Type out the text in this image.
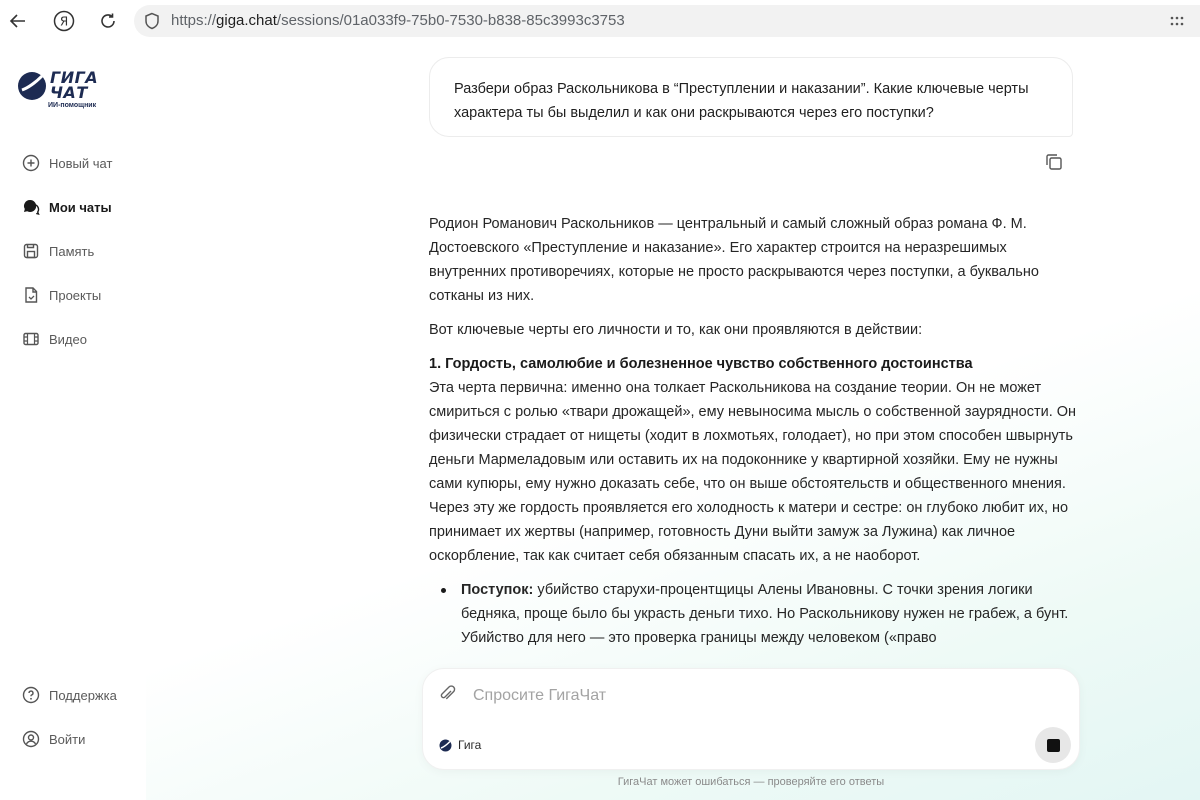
Я	https://giga.chat/sessions/01a033f9-75b0-7530-b838-85c3993c3753
ГИГА ЧАТ
ИИ-помощник
Новый чат
Мои чаты
Память
Проекты
Видео
Поддержка
Войти
Разбери образ Раскольникова в “Преступлении и наказании”. Какие ключевые черты характера ты бы выделил и как они раскрываются через его поступки?

Родион Романович Раскольников — центральный и самый сложный образ романа Ф. М. Достоевского «Преступление и наказание». Его характер строится на неразрешимых внутренних противоречиях, которые не просто раскрываются через поступки, а буквально сотканы из них.

Вот ключевые черты его личности и то, как они проявляются в действии:

1. Гордость, самолюбие и болезненное чувство собственного достоинства

Эта черта первична: именно она толкает Раскольникова на создание теории. Он не может смириться с ролью «твари дрожащей», ему невыносима мысль о собственной заурядности. Он физически страдает от нищеты (ходит в лохмотьях, голодает), но при этом способен швырнуть деньги Мармеладовым или оставить их на подоконнике у квартирной хозяйки. Ему не нужны сами купюры, ему нужно доказать себе, что он выше обстоятельств и общественного мнения. Через эту же гордость проявляется его холодность к матери и сестре: он глубоко любит их, но принимает их жертвы (например, готовность Дуни выйти замуж за Лужина) как личное оскорбление, так как считает себя обязанным спасать их, а не наоборот.

Поступок: убийство старухи-процентщицы Алены Ивановны. С точки зрения логики бедняка, проще было бы украсть деньги тихо. Но Раскольникову нужен не грабеж, а бунт. Убийство для него — это проверка границы между человеком («право
Спросите ГигаЧат
Гига
ГигаЧат может ошибаться — проверяйте его ответы
